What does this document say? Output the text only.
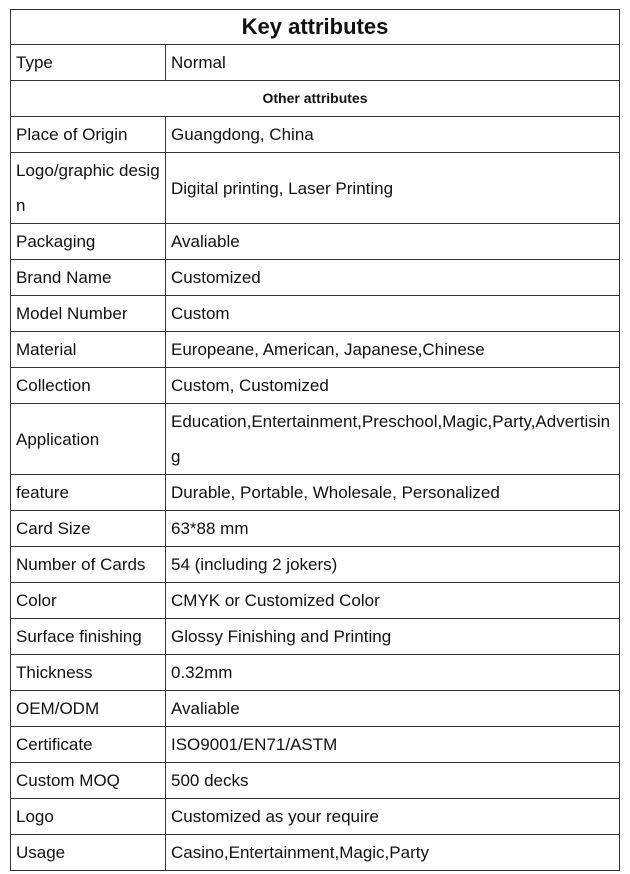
Key attributes	
Type	Normal
Other attributes	
Place of Origin	Guangdong, China
Logo/graphic design	Digital printing, Laser Printing
Packaging	Avaliable
Brand Name	Customized
Model Number	Custom
Material	Europeane, American, Japanese,Chinese
Collection	Custom, Customized
Application	Education,Entertainment,Preschool,Magic,Party,Advertising
feature	Durable, Portable, Wholesale, Personalized
Card Size	63*88 mm
Number of Cards	54 (including 2 jokers)
Color	CMYK or Customized Color
Surface finishing	Glossy Finishing and Printing
Thickness	0.32mm
OEM/ODM	Avaliable
Certificate	ISO9001/EN71/ASTM
Custom MOQ	500 decks
Logo	Customized as your require
Usage	Casino,Entertainment,Magic,Party
